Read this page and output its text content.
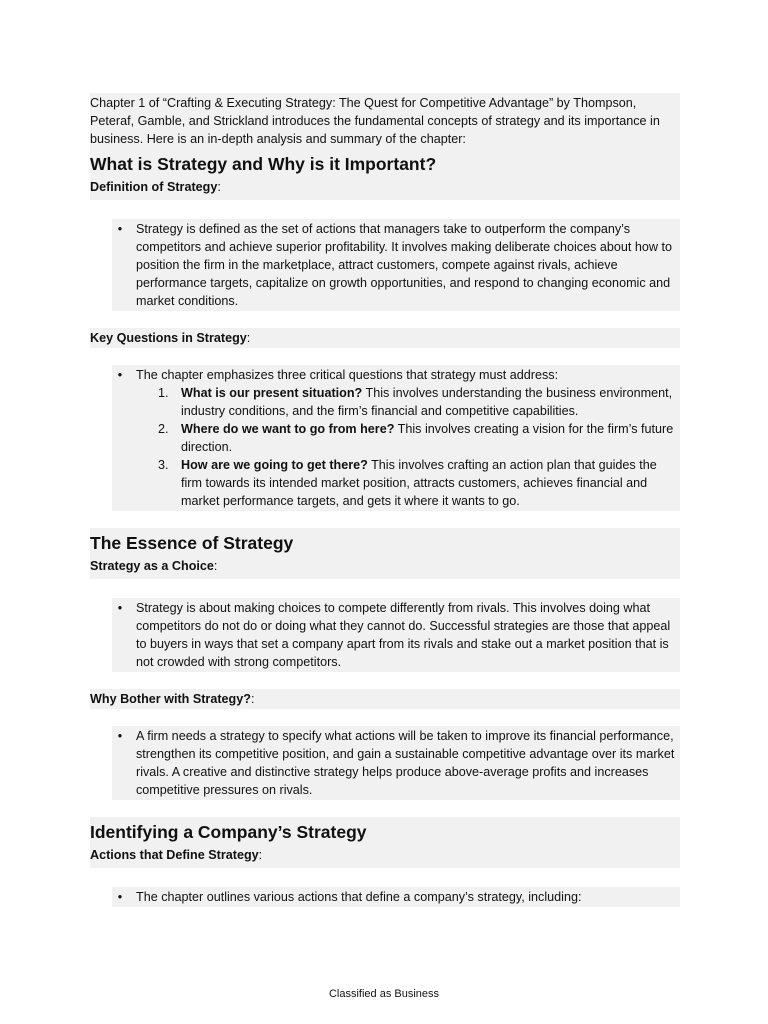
Chapter 1 of “Crafting & Executing Strategy: The Quest for Competitive Advantage” by Thompson, Peteraf, Gamble, and Strickland introduces the fundamental concepts of strategy and its importance in business. Here is an in-depth analysis and summary of the chapter:
What is Strategy and Why is it Important?
Definition of Strategy:
•	Strategy is defined as the set of actions that managers take to outperform the company’s competitors and achieve superior profitability. It involves making deliberate choices about how to position the firm in the marketplace, attract customers, compete against rivals, achieve performance targets, capitalize on growth opportunities, and respond to changing economic and market conditions.
Key Questions in Strategy:
•	The chapter emphasizes three critical questions that strategy must address:
1. What is our present situation? This involves understanding the business environment, industry conditions, and the firm’s financial and competitive capabilities.
2. Where do we want to go from here? This involves creating a vision for the firm’s future direction.
3. How are we going to get there? This involves crafting an action plan that guides the firm towards its intended market position, attracts customers, achieves financial and market performance targets, and gets it where it wants to go.
The Essence of Strategy
Strategy as a Choice:
•	Strategy is about making choices to compete differently from rivals. This involves doing what competitors do not do or doing what they cannot do. Successful strategies are those that appeal to buyers in ways that set a company apart from its rivals and stake out a market position that is not crowded with strong competitors.
Why Bother with Strategy?:
•	A firm needs a strategy to specify what actions will be taken to improve its financial performance, strengthen its competitive position, and gain a sustainable competitive advantage over its market rivals. A creative and distinctive strategy helps produce above-average profits and increases competitive pressures on rivals.
Identifying a Company’s Strategy
Actions that Define Strategy:
•	The chapter outlines various actions that define a company’s strategy, including:
Classified as Business
